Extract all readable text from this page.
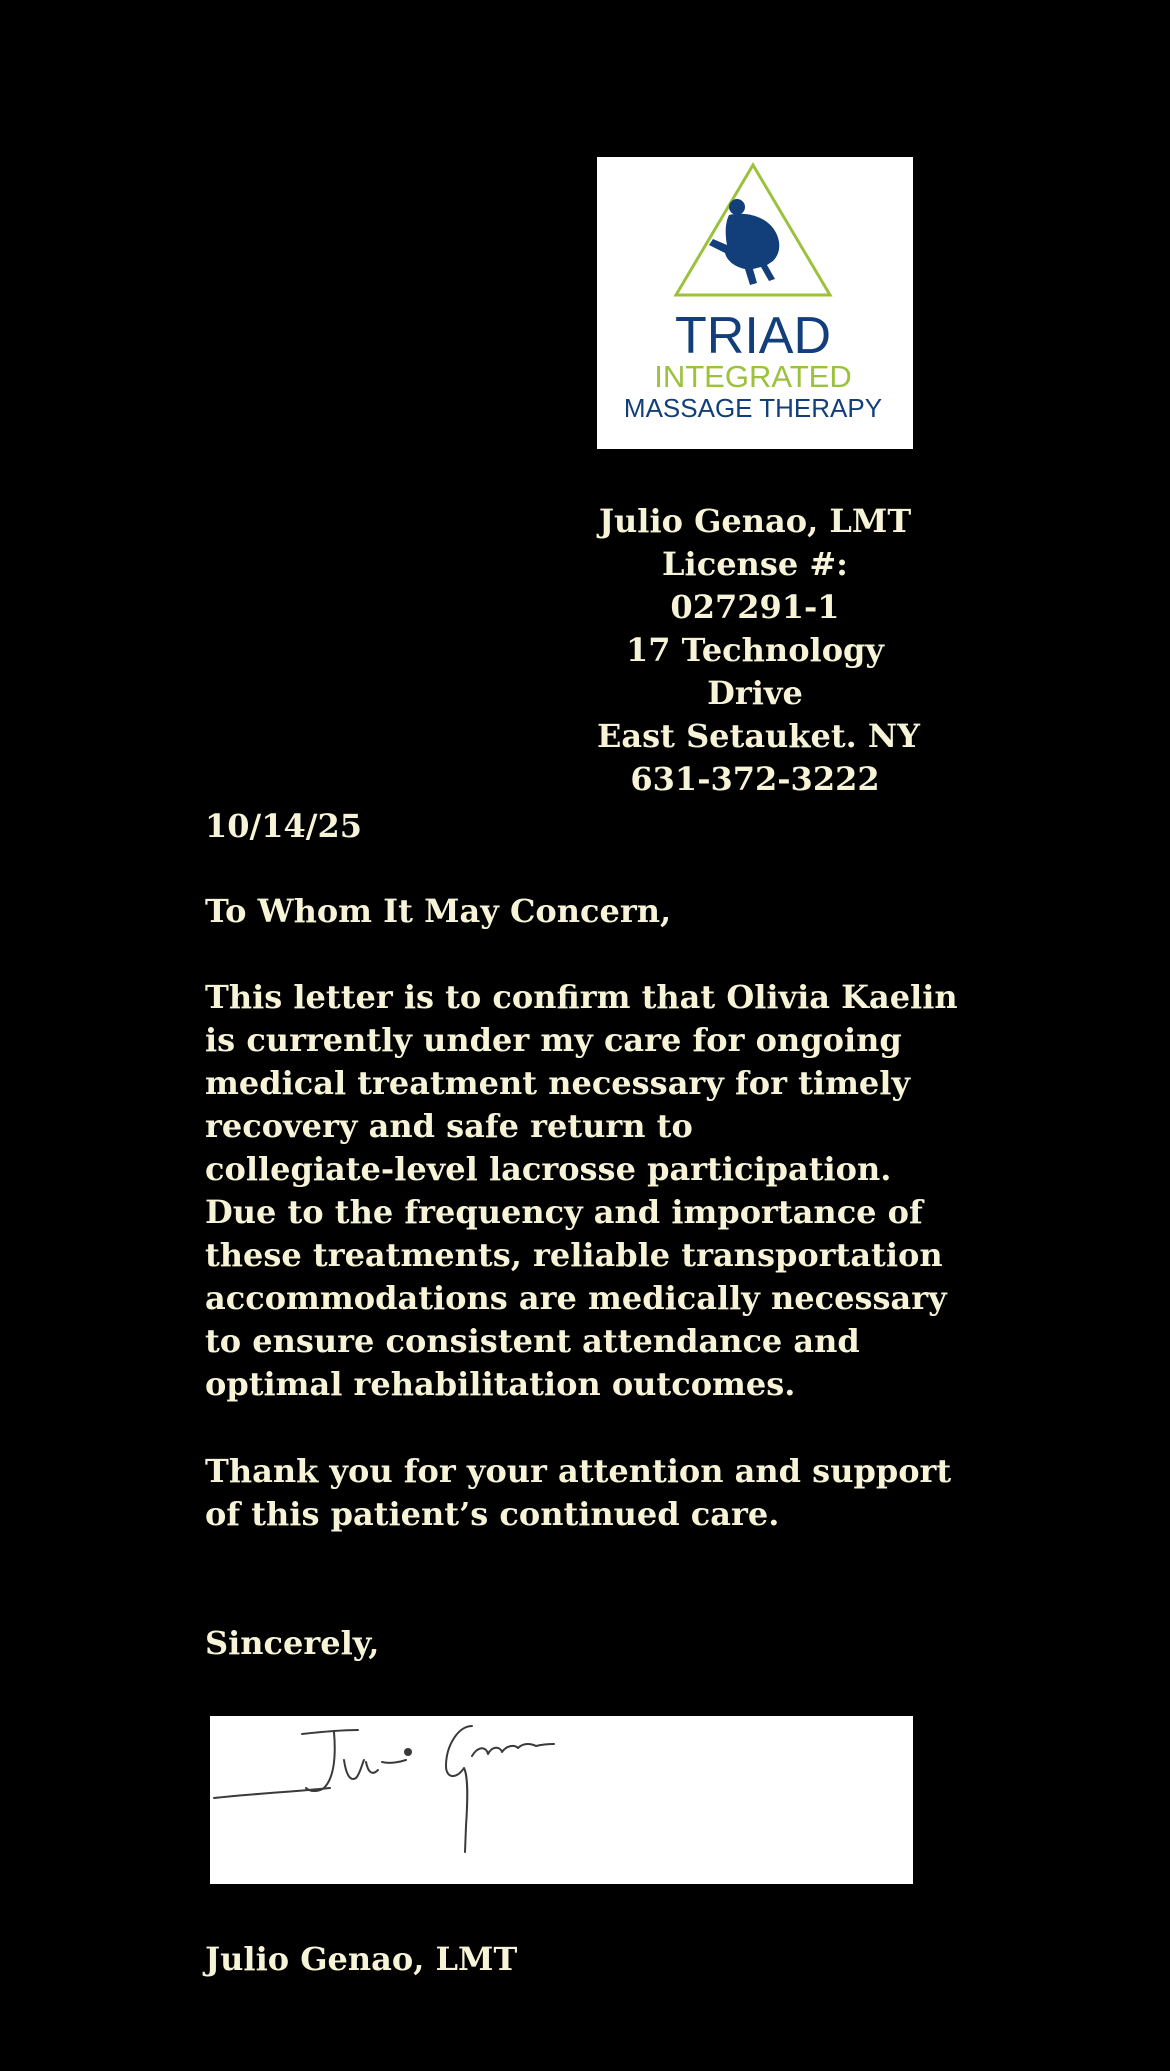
TRIAD
INTEGRATED
MASSAGE THERAPY
Julio Genao, LMT
License #:
027291-1
17 Technology
Drive
East Setauket. NY
631-372-3222
10/14/25
To Whom It May Concern,
This letter is to confirm that Olivia Kaelin
is currently under my care for ongoing
medical treatment necessary for timely
recovery and safe return to
collegiate-level lacrosse participation.
Due to the frequency and importance of
these treatments, reliable transportation
accommodations are medically necessary
to ensure consistent attendance and
optimal rehabilitation outcomes.
Thank you for your attention and support
of this patient’s continued care.
Sincerely,
Julio Genao, LMT
